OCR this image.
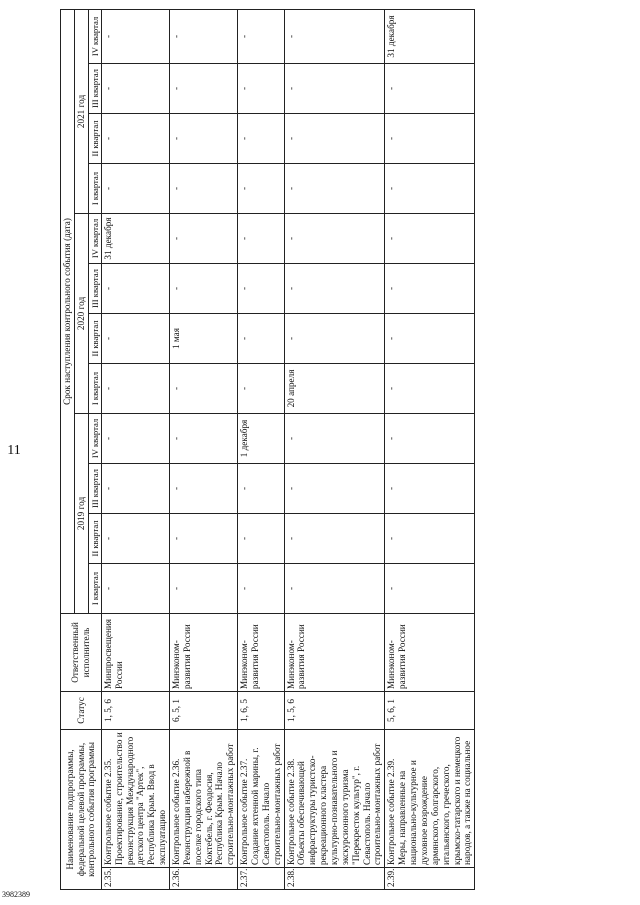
11
Наименование подпрограммы, федеральной целевой программы, контрольного события программы		Статус	Ответственный исполнитель	Срок наступления контрольного события (дата)											
				2019 год				2020 год				2021 год			
				I квартал	II квартал	III квартал	IV квартал	I квартал	II квартал	III квартал	IV квартал	I квартал	II квартал	III квартал	IV квартал
2.35.	Контрольное событие 2.35. Проектирование, строительство и реконструкция Международного детского центра "Артек", Республика Крым. Ввод в эксплуатацию	1, 5, 6	Минпросвещения России	-	-	-	-	-	-	-	31 декабря	-	-	-	-
2.36.	Контрольное событие 2.36. Реконструкция набережной в поселке городского типа Коктебель, г. Феодосия, Республика Крым. Начало строительно-монтажных работ	6, 5, 1	Минэконом-развития России	-	-	-	-	-	1 мая	-	-	-	-	-	-
2.37.	Контрольное событие 2.37. Создание яхтенной марины, г. Севастополь. Начало строительно-монтажных работ	1, 6, 5	Минэконом-развития России	-	-	-	1 декабря	-	-	-	-	-	-	-	-
2.38.	Контрольное событие 2.38. Объекты обеспечивающей инфраструктуры туристско-рекреационного кластера культурно-познавательного и экскурсионного туризма "Перекресток культур", г. Севастополь. Начало строительно-монтажных работ	1, 5, 6	Минэконом-развития России	-	-	-	-	20 апреля	-	-	-	-	-	-	-
2.39.	Контрольное событие 2.39. Меры, направленные на национально-культурное и духовное возрождение армянского, болгарского, итальянского, греческого, крымско-татарского и немецкого народов, а также на социальное	5, 6, 1	Минэконом-развития России	-	-	-	-	-	-	-	-	-	-	-	31 декабря
3982389
